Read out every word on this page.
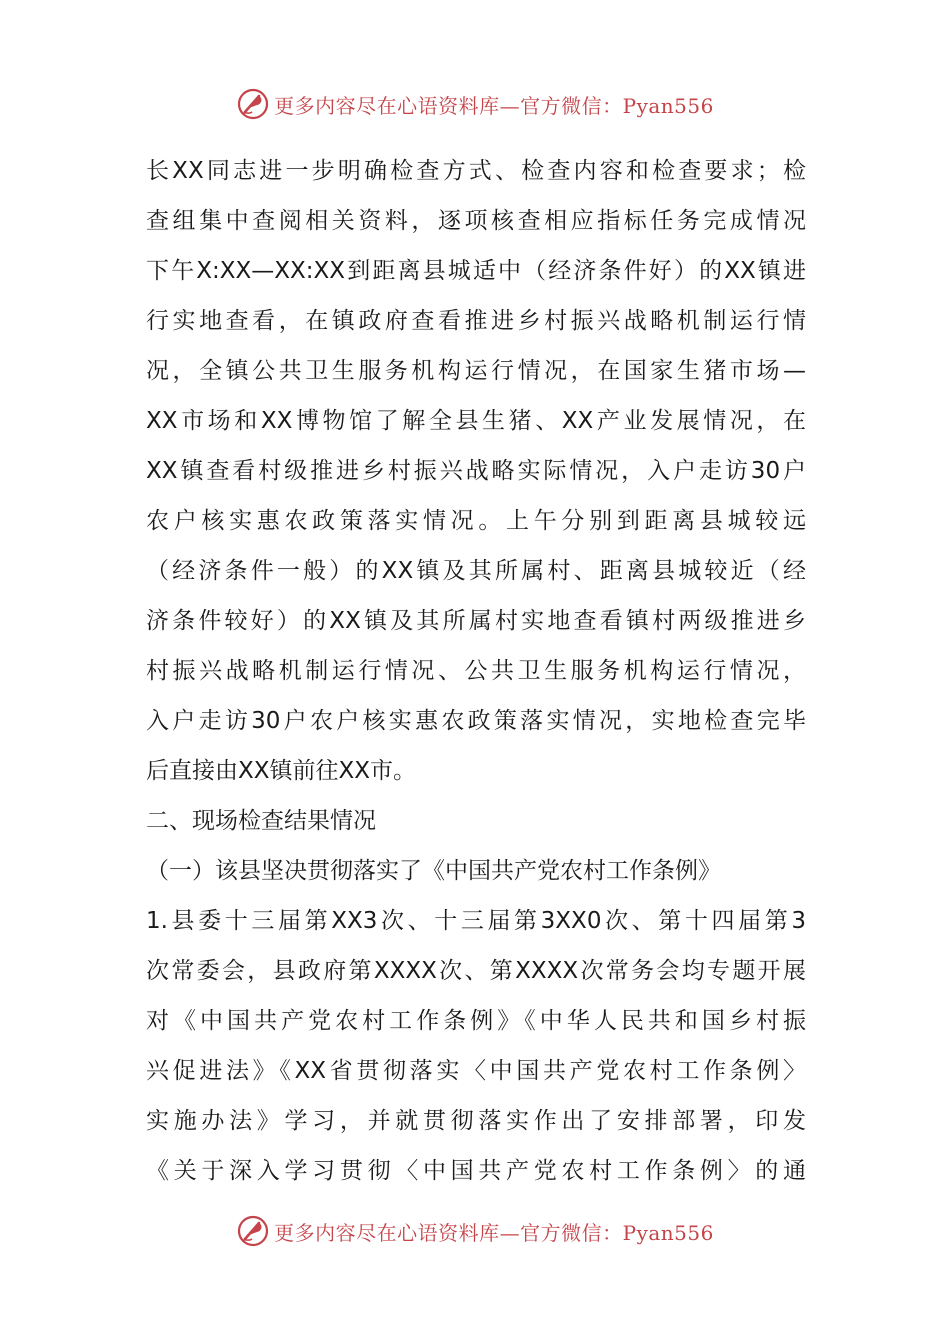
更多内容尽在心语资料库—官方微信：Pyan556
长XX同志进一步明确检查方式、检查内容和检查要求；检
查组集中查阅相关资料，逐项核查相应指标任务完成情况
下午X:XX—XX:XX到距离县城适中（经济条件好）的XX镇进
行实地查看，在镇政府查看推进乡村振兴战略机制运行情
况，全镇公共卫生服务机构运行情况，在国家生猪市场—
XX市场和XX博物馆了解全县生猪、XX产业发展情况，在
XX镇查看村级推进乡村振兴战略实际情况，入户走访30户
农户核实惠农政策落实情况。上午分别到距离县城较远
（经济条件一般）的XX镇及其所属村、距离县城较近（经
济条件较好）的XX镇及其所属村实地查看镇村两级推进乡
村振兴战略机制运行情况、公共卫生服务机构运行情况，
入户走访30户农户核实惠农政策落实情况，实地检查完毕
后直接由XX镇前往XX市。
二、现场检查结果情况
（一）该县坚决贯彻落实了《中国共产党农村工作条例》
1.县委十三届第XX3次、十三届第3XX0次、第十四届第3
次常委会，县政府第XXXX次、第XXXX次常务会均专题开展
对《中国共产党农村工作条例》《中华人民共和国乡村振
兴促进法》《XX省贯彻落实〈中国共产党农村工作条例〉
实施办法》学习，并就贯彻落实作出了安排部署，印发
《关于深入学习贯彻〈中国共产党农村工作条例〉的通
更多内容尽在心语资料库—官方微信：Pyan556
